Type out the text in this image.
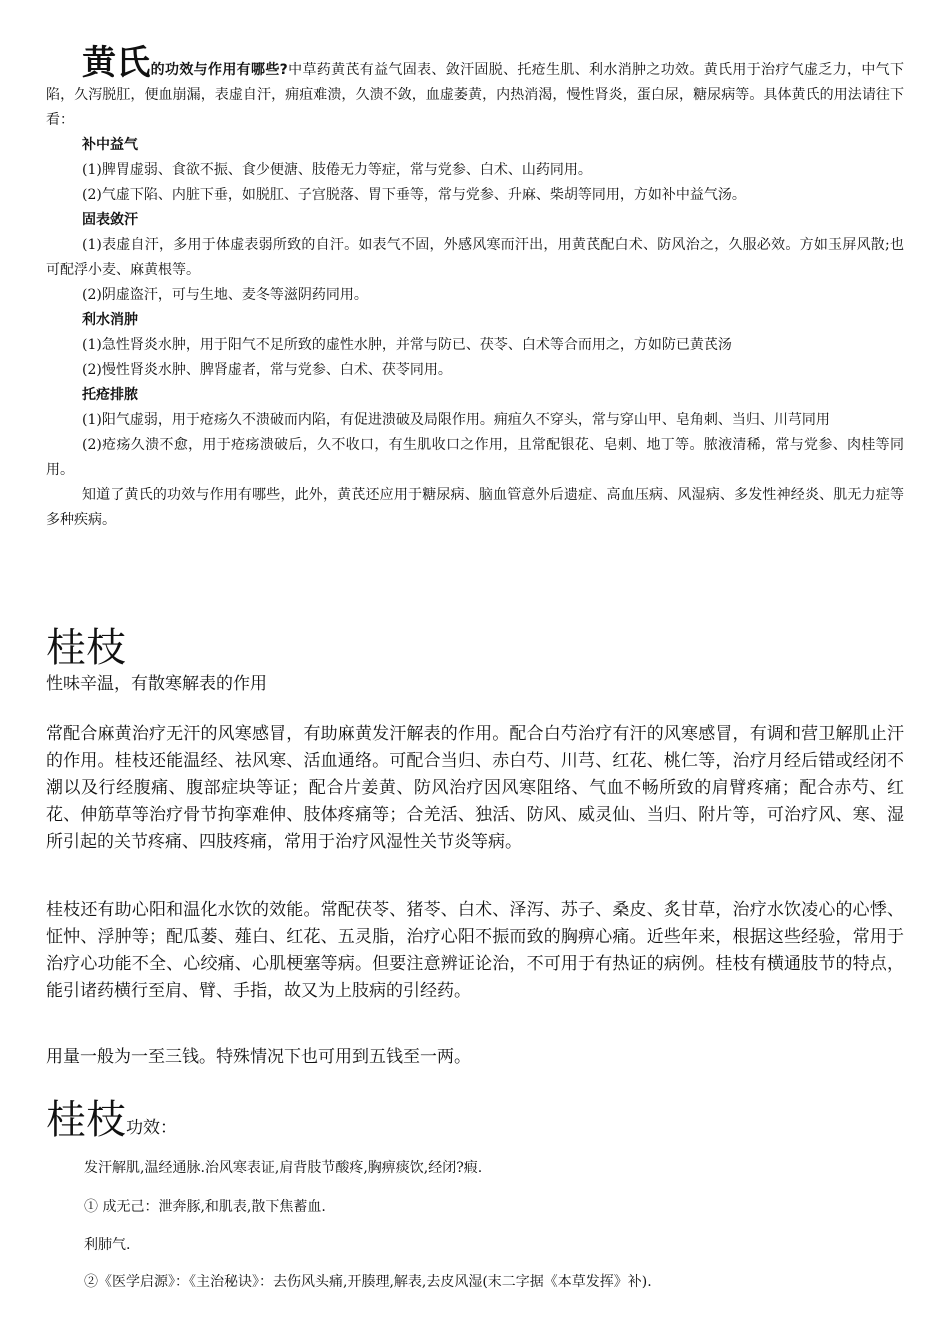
黄氏的功效与作用有哪些?中草药黄芪有益气固表、敛汗固脱、托疮生肌、利水消肿之功效。黄氏用于治疗气虚乏力，中气下陷，久泻脱肛，便血崩漏，表虚自汗，痈疽难溃，久溃不敛，血虚萎黄，内热消渴，慢性肾炎，蛋白尿，糖尿病等。具体黄氏的用法请往下看：

补中益气

(1)脾胃虚弱、食欲不振、食少便溏、肢倦无力等症，常与党参、白术、山药同用。

(2)气虚下陷、内脏下垂，如脱肛、子宫脱落、胃下垂等，常与党参、升麻、柴胡等同用，方如补中益气汤。

固表敛汗

(1)表虚自汗，多用于体虚表弱所致的自汗。如表气不固，外感风寒而汗出，用黄芪配白术、防风治之，久服必效。方如玉屏风散;也可配浮小麦、麻黄根等。

(2)阴虚盗汗，可与生地、麦冬等滋阴药同用。

利水消肿

(1)急性肾炎水肿，用于阳气不足所致的虚性水肿，并常与防已、茯苓、白术等合而用之，方如防已黄芪汤

(2)慢性肾炎水肿、脾肾虚者，常与党参、白术、茯苓同用。

托疮排脓

(1)阳气虚弱，用于疮疡久不溃破而内陷，有促进溃破及局限作用。痈疽久不穿头，常与穿山甲、皂角刺、当归、川芎同用

(2)疮疡久溃不愈，用于疮疡溃破后，久不收口，有生肌收口之作用，且常配银花、皂刺、地丁等。脓液清稀，常与党参、肉桂等同用。

知道了黄氏的功效与作用有哪些，此外，黄芪还应用于糖尿病、脑血管意外后遗症、高血压病、风湿病、多发性神经炎、肌无力症等多种疾病。

桂枝

性味辛温，有散寒解表的作用

常配合麻黄治疗无汗的风寒感冒，有助麻黄发汗解表的作用。配合白芍治疗有汗的风寒感冒，有调和营卫解肌止汗的作用。桂枝还能温经、祛风寒、活血通络。可配合当归、赤白芍、川芎、红花、桃仁等，治疗月经后错或经闭不潮以及行经腹痛、腹部症块等证；配合片姜黄、防风治疗因风寒阻络、气血不畅所致的肩臂疼痛；配合赤芍、红花、伸筋草等治疗骨节拘挛难伸、肢体疼痛等；合羌活、独活、防风、威灵仙、当归、附片等，可治疗风、寒、湿所引起的关节疼痛、四肢疼痛，常用于治疗风湿性关节炎等病。

桂枝还有助心阳和温化水饮的效能。常配茯苓、猪苓、白术、泽泻、苏子、桑皮、炙甘草，治疗水饮凌心的心悸、怔忡、浮肿等；配瓜蒌、薤白、红花、五灵脂，治疗心阳不振而致的胸痹心痛。近些年来，根据这些经验，常用于治疗心功能不全、心绞痛、心肌梗塞等病。但要注意辨证论治，不可用于有热证的病例。桂枝有横通肢节的特点，能引诸药横行至肩、臂、手指，故又为上肢病的引经药。

用量一般为一至三钱。特殊情况下也可用到五钱至一两。

桂枝功效：

发汗解肌,温经通脉.治风寒表证,肩背肢节酸疼,胸痹痰饮,经闭?瘕.

① 成无己：泄奔豚,和肌表,散下焦蓄血.

利肺气.

②《医学启源》：《主治秘诀》：去伤风头痛,开腠理,解表,去皮风湿(末二字据《本草发挥》补).
